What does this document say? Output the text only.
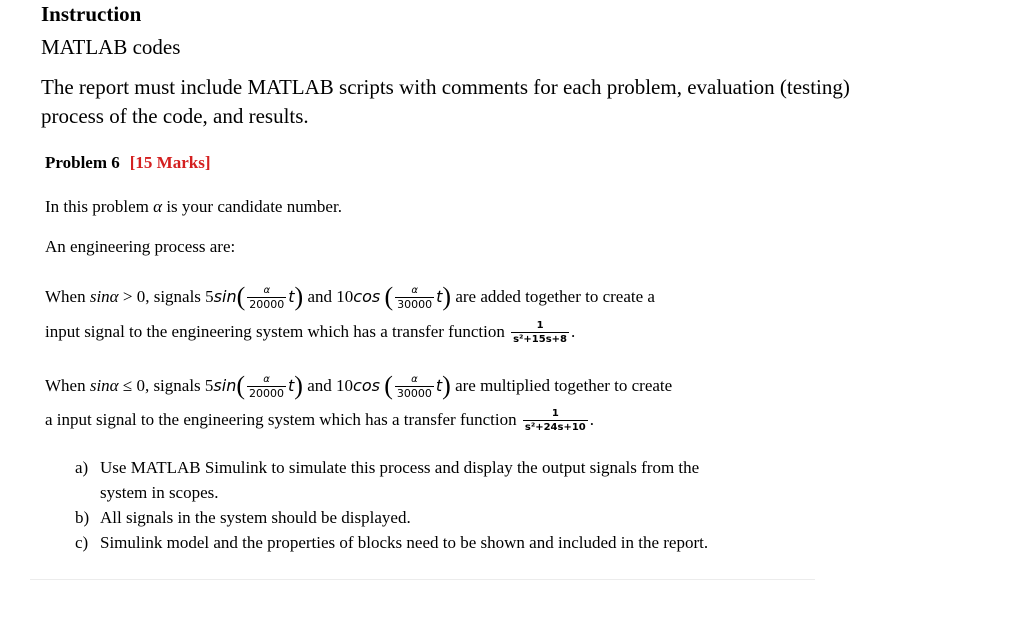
Instruction
MATLAB codes
The report must include MATLAB scripts with comments for each problem, evaluation (testing)
process of the code, and results.
Problem 6 [15 Marks]
In this problem α is your candidate number.
An engineering process are:
When sinα > 0, signals $5\sin( \frac{\alpha}{20000} t)$ and 10cos ( $\frac{\alpha}{30000} t$) are added together to create a
input signal to the engineering system which has a transfer function $\frac{1}{\text{s²+15s+8}}$ .
When sinα ≤ 0, signals $5\sin( \frac{\alpha}{20000} t)$ and 10cos ( $\frac{\alpha}{30000} t$) are multiplied together to create
a input signal to the engineering system which has a transfer function $\frac{1}{\text{s²+24s+10}}$ .
a) Use MATLAB Simulink to simulate this process and display the output signals from the system in scopes.
b) All signals in the system should be displayed.
c) Simulink model and the properties of blocks need to be shown and included in the report.
